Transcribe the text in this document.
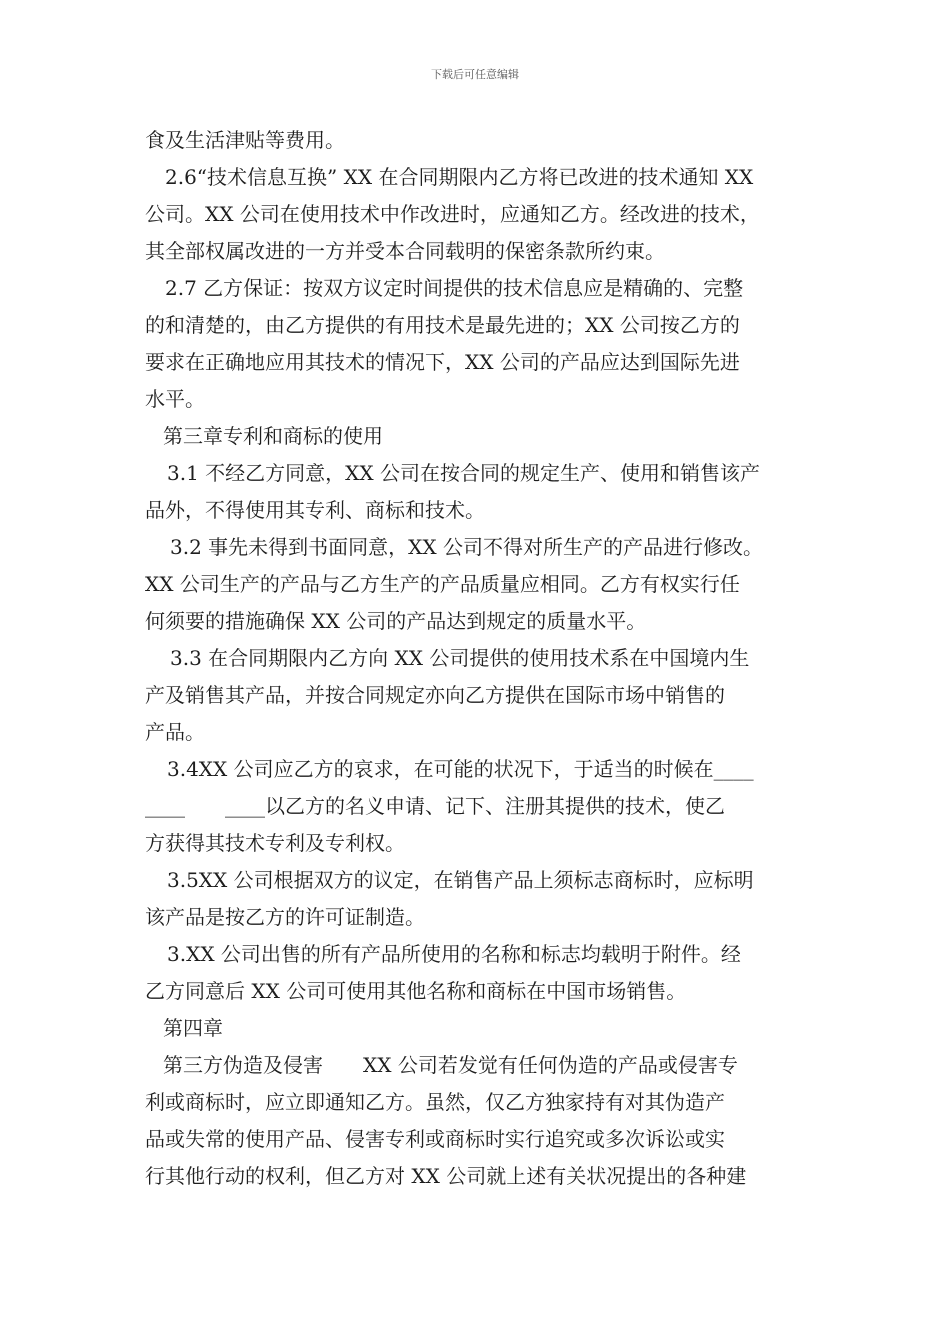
下载后可任意编辑

食及生活津贴等费用。

2.6“技术信息互换” XX 在合同期限内乙方将已改进的技术通知 XX
公司。XX 公司在使用技术中作改进时，应通知乙方。经改进的技术，
其全部权属改进的一方并受本合同载明的保密条款所约束。

2.7 乙方保证：按双方议定时间提供的技术信息应是精确的、完整
的和清楚的，由乙方提供的有用技术是最先进的；XX 公司按乙方的
要求在正确地应用其技术的情况下，XX 公司的产品应达到国际先进
水平。

第三章专利和商标的使用

3.1 不经乙方同意，XX 公司在按合同的规定生产、使用和销售该产
品外，不得使用其专利、商标和技术。

3.2 事先未得到书面同意，XX 公司不得对所生产的产品进行修改。
XX 公司生产的产品与乙方生产的产品质量应相同。乙方有权实行任
何须要的措施确保 XX 公司的产品达到规定的质量水平。

3.3 在合同期限内乙方向 XX 公司提供的使用技术系在中国境内生
产及销售其产品，并按合同规定亦向乙方提供在国际市场中销售的
产品。

3.4XX 公司应乙方的哀求，在可能的状况下，于适当的时候在____
____　　____以乙方的名义申请、记下、注册其提供的技术，使乙
方获得其技术专利及专利权。

3.5XX 公司根据双方的议定，在销售产品上须标志商标时，应标明
该产品是按乙方的许可证制造。

3.XX 公司出售的所有产品所使用的名称和标志均载明于附件。经
乙方同意后 XX 公司可使用其他名称和商标在中国市场销售。

第四章

第三方伪造及侵害　　XX 公司若发觉有任何伪造的产品或侵害专
利或商标时，应立即通知乙方。虽然，仅乙方独家持有对其伪造产
品或失常的使用产品、侵害专利或商标时实行追究或多次诉讼或实
行其他行动的权利，但乙方对 XX 公司就上述有关状况提出的各种建
